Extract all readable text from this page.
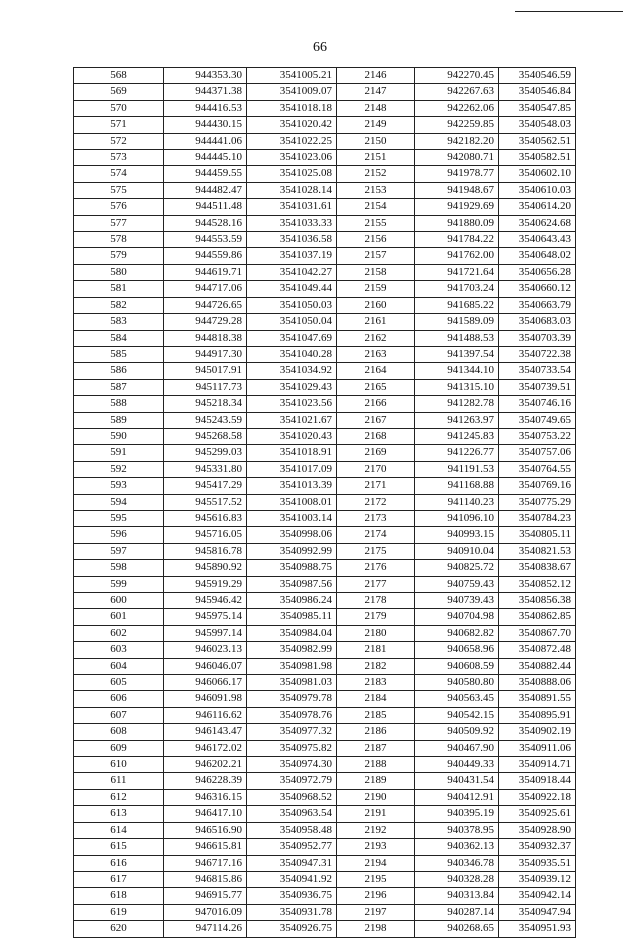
66
568	944353.30	3541005.21	2146	942270.45	3540546.59
569	944371.38	3541009.07	2147	942267.63	3540546.84
570	944416.53	3541018.18	2148	942262.06	3540547.85
571	944430.15	3541020.42	2149	942259.85	3540548.03
572	944441.06	3541022.25	2150	942182.20	3540562.51
573	944445.10	3541023.06	2151	942080.71	3540582.51
574	944459.55	3541025.08	2152	941978.77	3540602.10
575	944482.47	3541028.14	2153	941948.67	3540610.03
576	944511.48	3541031.61	2154	941929.69	3540614.20
577	944528.16	3541033.33	2155	941880.09	3540624.68
578	944553.59	3541036.58	2156	941784.22	3540643.43
579	944559.86	3541037.19	2157	941762.00	3540648.02
580	944619.71	3541042.27	2158	941721.64	3540656.28
581	944717.06	3541049.44	2159	941703.24	3540660.12
582	944726.65	3541050.03	2160	941685.22	3540663.79
583	944729.28	3541050.04	2161	941589.09	3540683.03
584	944818.38	3541047.69	2162	941488.53	3540703.39
585	944917.30	3541040.28	2163	941397.54	3540722.38
586	945017.91	3541034.92	2164	941344.10	3540733.54
587	945117.73	3541029.43	2165	941315.10	3540739.51
588	945218.34	3541023.56	2166	941282.78	3540746.16
589	945243.59	3541021.67	2167	941263.97	3540749.65
590	945268.58	3541020.43	2168	941245.83	3540753.22
591	945299.03	3541018.91	2169	941226.77	3540757.06
592	945331.80	3541017.09	2170	941191.53	3540764.55
593	945417.29	3541013.39	2171	941168.88	3540769.16
594	945517.52	3541008.01	2172	941140.23	3540775.29
595	945616.83	3541003.14	2173	941096.10	3540784.23
596	945716.05	3540998.06	2174	940993.15	3540805.11
597	945816.78	3540992.99	2175	940910.04	3540821.53
598	945890.92	3540988.75	2176	940825.72	3540838.67
599	945919.29	3540987.56	2177	940759.43	3540852.12
600	945946.42	3540986.24	2178	940739.43	3540856.38
601	945975.14	3540985.11	2179	940704.98	3540862.85
602	945997.14	3540984.04	2180	940682.82	3540867.70
603	946023.13	3540982.99	2181	940658.96	3540872.48
604	946046.07	3540981.98	2182	940608.59	3540882.44
605	946066.17	3540981.03	2183	940580.80	3540888.06
606	946091.98	3540979.78	2184	940563.45	3540891.55
607	946116.62	3540978.76	2185	940542.15	3540895.91
608	946143.47	3540977.32	2186	940509.92	3540902.19
609	946172.02	3540975.82	2187	940467.90	3540911.06
610	946202.21	3540974.30	2188	940449.33	3540914.71
611	946228.39	3540972.79	2189	940431.54	3540918.44
612	946316.15	3540968.52	2190	940412.91	3540922.18
613	946417.10	3540963.54	2191	940395.19	3540925.61
614	946516.90	3540958.48	2192	940378.95	3540928.90
615	946615.81	3540952.77	2193	940362.13	3540932.37
616	946717.16	3540947.31	2194	940346.78	3540935.51
617	946815.86	3540941.92	2195	940328.28	3540939.12
618	946915.77	3540936.75	2196	940313.84	3540942.14
619	947016.09	3540931.78	2197	940287.14	3540947.94
620	947114.26	3540926.75	2198	940268.65	3540951.93
